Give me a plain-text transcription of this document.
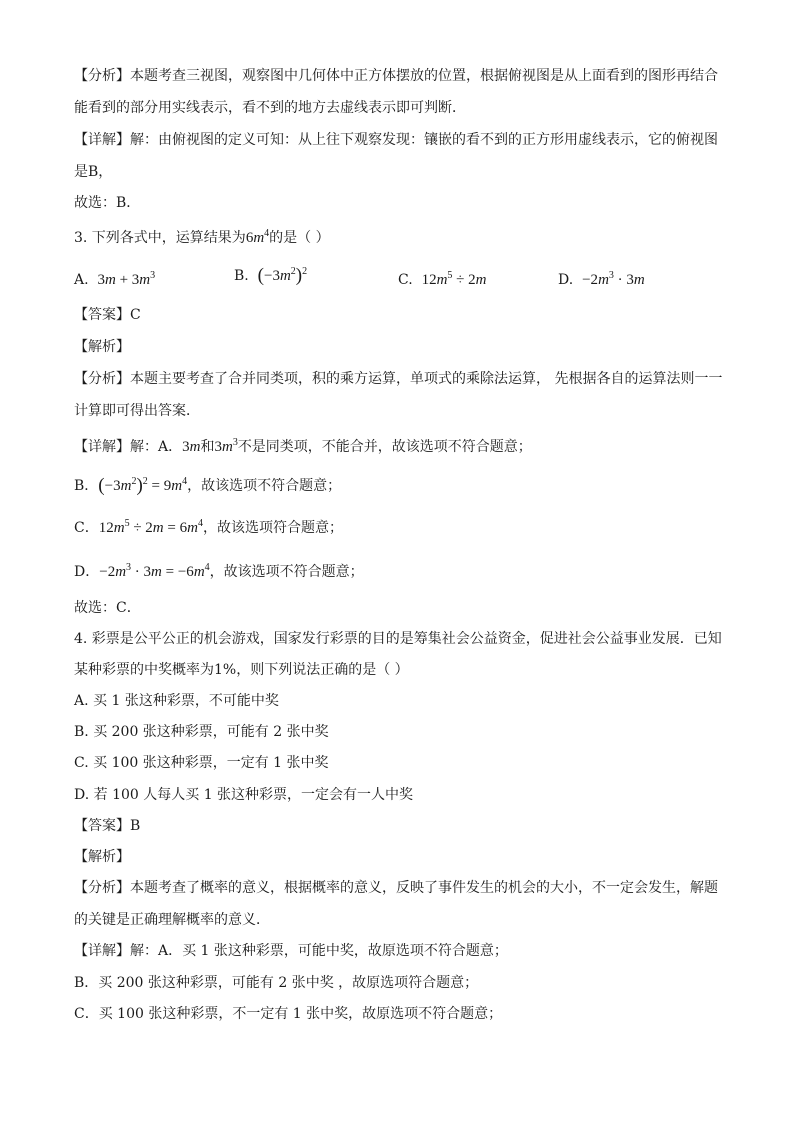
【分析】本题考查三视图，观察图中几何体中正方体摆放的位置，根据俯视图是从上面看到的图形再结合
能看到的部分用实线表示，看不到的地方去虚线表示即可判断．
【详解】解：由俯视图的定义可知：从上往下观察发现：镶嵌的看不到的正方形用虚线表示，它的俯视图
是B，
故选：B．
3. 下列各式中，运算结果为$6m^4$的是（ ）
A. $3m + 3m^3$	B. $(-3m^2)^2$
C. $12m^5 \div 2m$	D. $-2m^3 \cdot 3m$
【答案】C
【解析】
【分析】本题主要考查了合并同类项，积的乘方运算，单项式的乘除法运算， 先根据各自的运算法则一一
计算即可得出答案．
【详解】解：A．3m和$3m^3$不是同类项，不能合并，故该选项不符合题意；
B．$(-3m^2)^2 = 9m^4$，故该选项不符合题意；
C．$12m^5 \div 2m = 6m^4$，故该选项符合题意；
D．$-2m^3 \cdot 3m = -6m^4$，故该选项不符合题意；
故选：C．
4. 彩票是公平公正的机会游戏，国家发行彩票的目的是筹集社会公益资金，促进社会公益事业发展．已知
某种彩票的中奖概率为1%，则下列说法正确的是（ ）
A. 买 1 张这种彩票，不可能中奖
B. 买 200 张这种彩票，可能有 2 张中奖
C. 买 100 张这种彩票，一定有 1 张中奖
D. 若 100 人每人买 1 张这种彩票，一定会有一人中奖
【答案】B
【解析】
【分析】本题考查了概率的意义，根据概率的意义，反映了事件发生的机会的大小，不一定会发生，解题
的关键是正确理解概率的意义．
【详解】解：A．买 1 张这种彩票，可能中奖，故原选项不符合题意；
B．买 200 张这种彩票，可能有 2 张中奖 ，故原选项符合题意；
C．买 100 张这种彩票，不一定有 1 张中奖，故原选项不符合题意；
